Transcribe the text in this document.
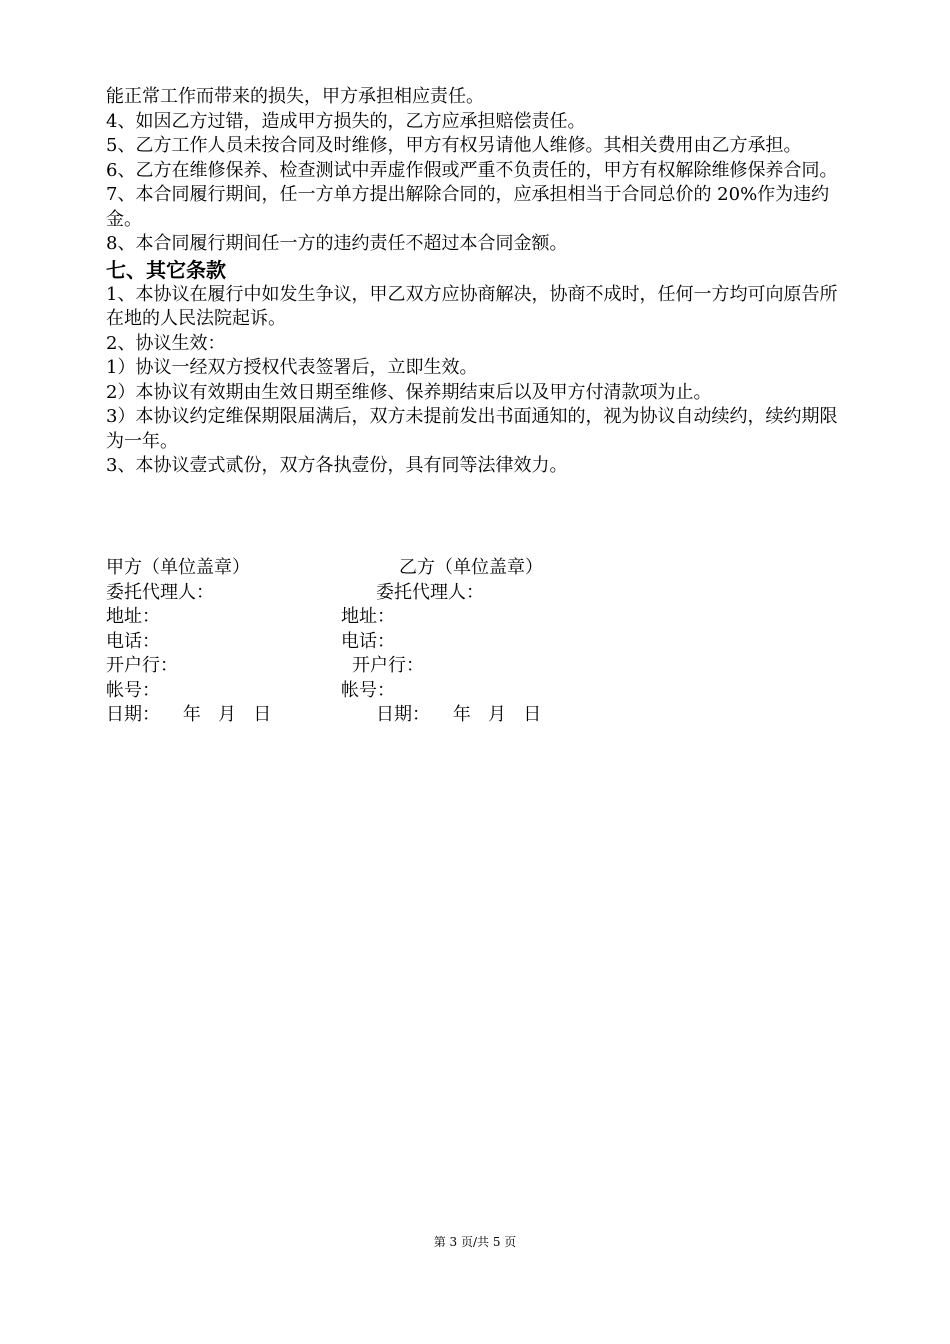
能正常工作而带来的损失，甲方承担相应责任。

4、如因乙方过错，造成甲方损失的，乙方应承担赔偿责任。

5、乙方工作人员未按合同及时维修，甲方有权另请他人维修。其相关费用由乙方承担。

6、乙方在维修保养、检查测试中弄虚作假或严重不负责任的，甲方有权解除维修保养合同。

7、本合同履行期间，任一方单方提出解除合同的，应承担相当于合同总价的 20%作为违约金。

8、本合同履行期间任一方的违约责任不超过本合同金额。

七、其它条款

1、本协议在履行中如发生争议，甲乙双方应协商解决，协商不成时，任何一方均可向原告所在地的人民法院起诉。

2、协议生效：

1）协议一经双方授权代表签署后，立即生效。

2）本协议有效期由生效日期至维修、保养期结束后以及甲方付清款项为止。

3）本协议约定维保期限届满后，双方未提前发出书面通知的，视为协议自动续约，续约期限为一年。

3、本协议壹式贰份，双方各执壹份，具有同等法律效力。

甲方（单位盖章）	乙方（单位盖章）
委托代理人：	委托代理人：
地址：	地址：
电话：	电话：
开户行：	开户行：
帐号：	帐号：
日期：    年   月   日	日期：    年   月   日
第 3 页/共 5 页
